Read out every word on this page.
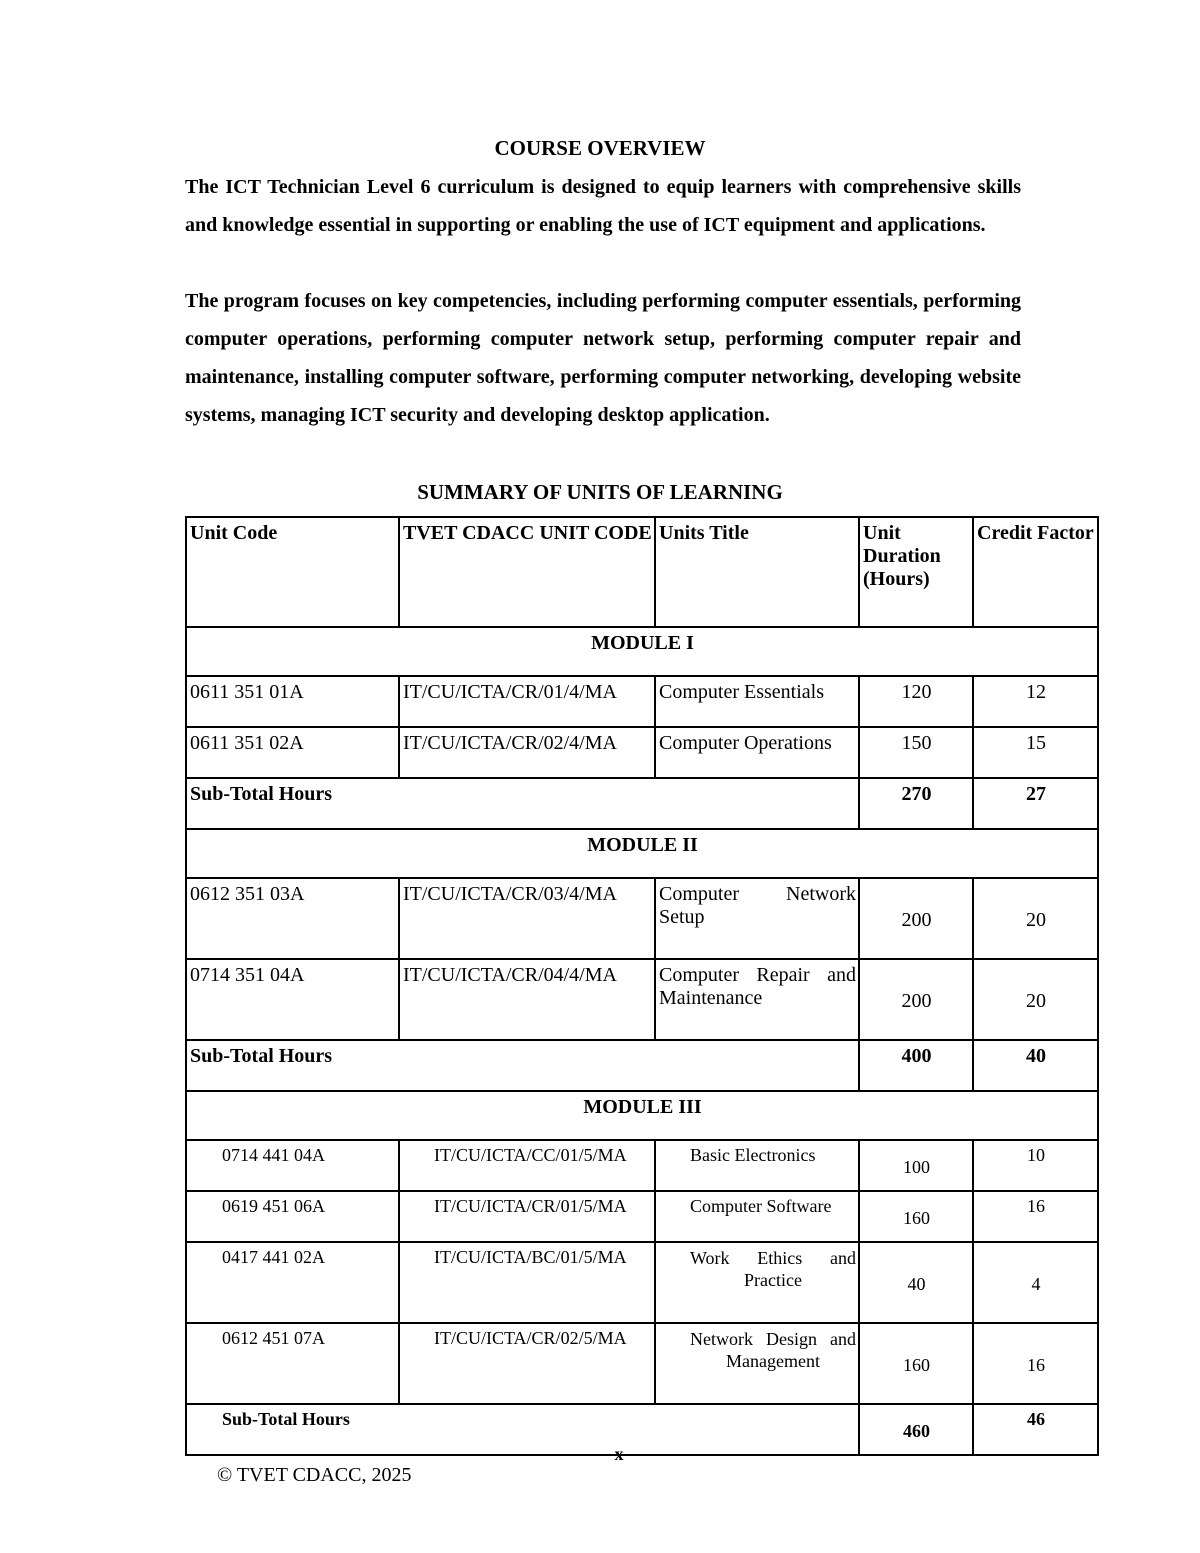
COURSE OVERVIEW
The ICT Technician Level 6 curriculum is designed to equip learners with comprehensive skills and knowledge essential in supporting or enabling the use of ICT equipment and applications.
The program focuses on key competencies, including performing computer essentials, performing computer operations, performing computer network setup, performing computer repair and maintenance, installing computer software, performing computer networking, developing website systems, managing ICT security and developing desktop application.
SUMMARY OF UNITS OF LEARNING
Unit Code	TVET CDACC UNIT CODE	Units Title	Unit Duration (Hours)	Credit Factor
MODULE I				
0611 351 01A	IT/CU/ICTA/CR/01/4/MA	Computer Essentials	120	12
0611 351 02A	IT/CU/ICTA/CR/02/4/MA	Computer Operations	150	15
Sub-Total Hours			270	27
MODULE II				
0612 351 03A	IT/CU/ICTA/CR/03/4/MA	Computer Network Setup	200	20
0714 351 04A	IT/CU/ICTA/CR/04/4/MA	Computer Repair and Maintenance	200	20
Sub-Total Hours			400	40
MODULE III				
0714 441 04A	IT/CU/ICTA/CC/01/5/MA	Basic Electronics	100	10
0619 451 06A	IT/CU/ICTA/CR/01/5/MA	Computer Software	160	16
0417 441 02A	IT/CU/ICTA/BC/01/5/MA	Work Ethics and Practice	40	4
0612 451 07A	IT/CU/ICTA/CR/02/5/MA	Network Design and Management	160	16
Sub-Total Hours			460	46
x
© TVET CDACC, 2025
